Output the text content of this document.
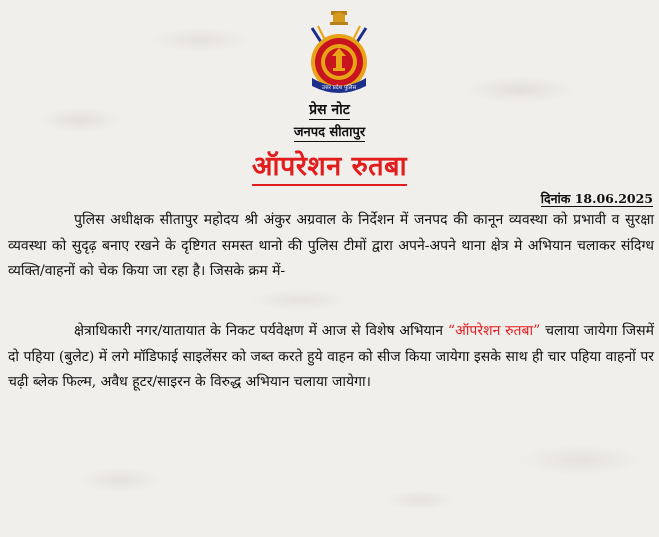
उत्तर प्रदेश पुलिस
प्रेस नोट
जनपद सीतापुर
ऑपरेशन रुतबा
दिनांक 18.06.2025
पुलिस अधीक्षक सीतापुर महोदय श्री अंकुर अग्रवाल के निर्देशन में जनपद की कानून व्यवस्था को प्रभावी व सुरक्षा व्यवस्था को सुदृढ़ बनाए रखने के दृष्टिगत समस्त थानो की पुलिस टीमों द्वारा अपने-अपने थाना क्षेत्र मे अभियान चलाकर संदिग्ध व्यक्ति/वाहनों को चेक किया जा रहा है। जिसके क्रम में-
क्षेत्राधिकारी नगर/यातायात के निकट पर्यवेक्षण में आज से विशेष अभियान “ऑपरेशन रुतबा” चलाया जायेगा जिसमें दो पहिया (बुलेट) में लगे मॉडिफाई साइलेंसर को जब्त करते हुये वाहन को सीज किया जायेगा इसके साथ ही चार पहिया वाहनों पर चढ़ी ब्लेक फिल्म, अवैध हूटर/साइरन के विरुद्ध अभियान चलाया जायेगा।
